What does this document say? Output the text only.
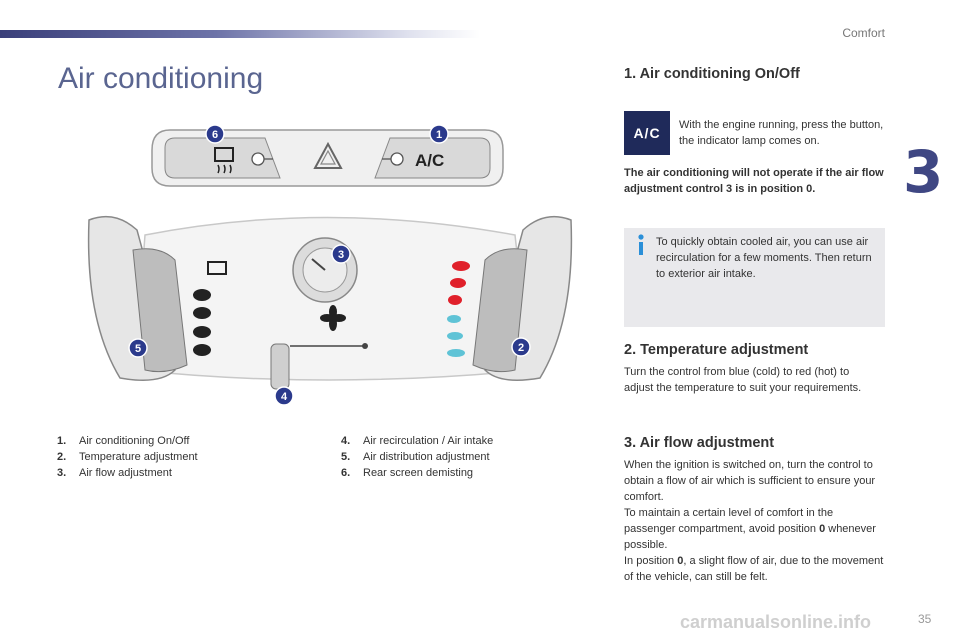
Comfort
3
Air conditioning
A/C
6	1
3
5	2
4
1. Air conditioning On/Off
2. Temperature adjustment
3. Air flow adjustment
4. Air recirculation / Air intake
5. Air distribution adjustment
6. Rear screen demisting
1. Air conditioning On/Off
A/C	With the engine running, press the button, the indicator lamp comes on.
The air conditioning will not operate if the air flow adjustment control 3 is in position 0.
To quickly obtain cooled air, you can use air recirculation for a few moments. Then return to exterior air intake.
2. Temperature adjustment
Turn the control from blue (cold) to red (hot) to adjust the temperature to suit your requirements.
3. Air flow adjustment
When the ignition is switched on, turn the control to obtain a flow of air which is sufficient to ensure your comfort.
To maintain a certain level of comfort in the passenger compartment, avoid position 0 whenever possible.
In position 0, a slight flow of air, due to the movement of the vehicle, can still be felt.
carmanualsonline.info	35
